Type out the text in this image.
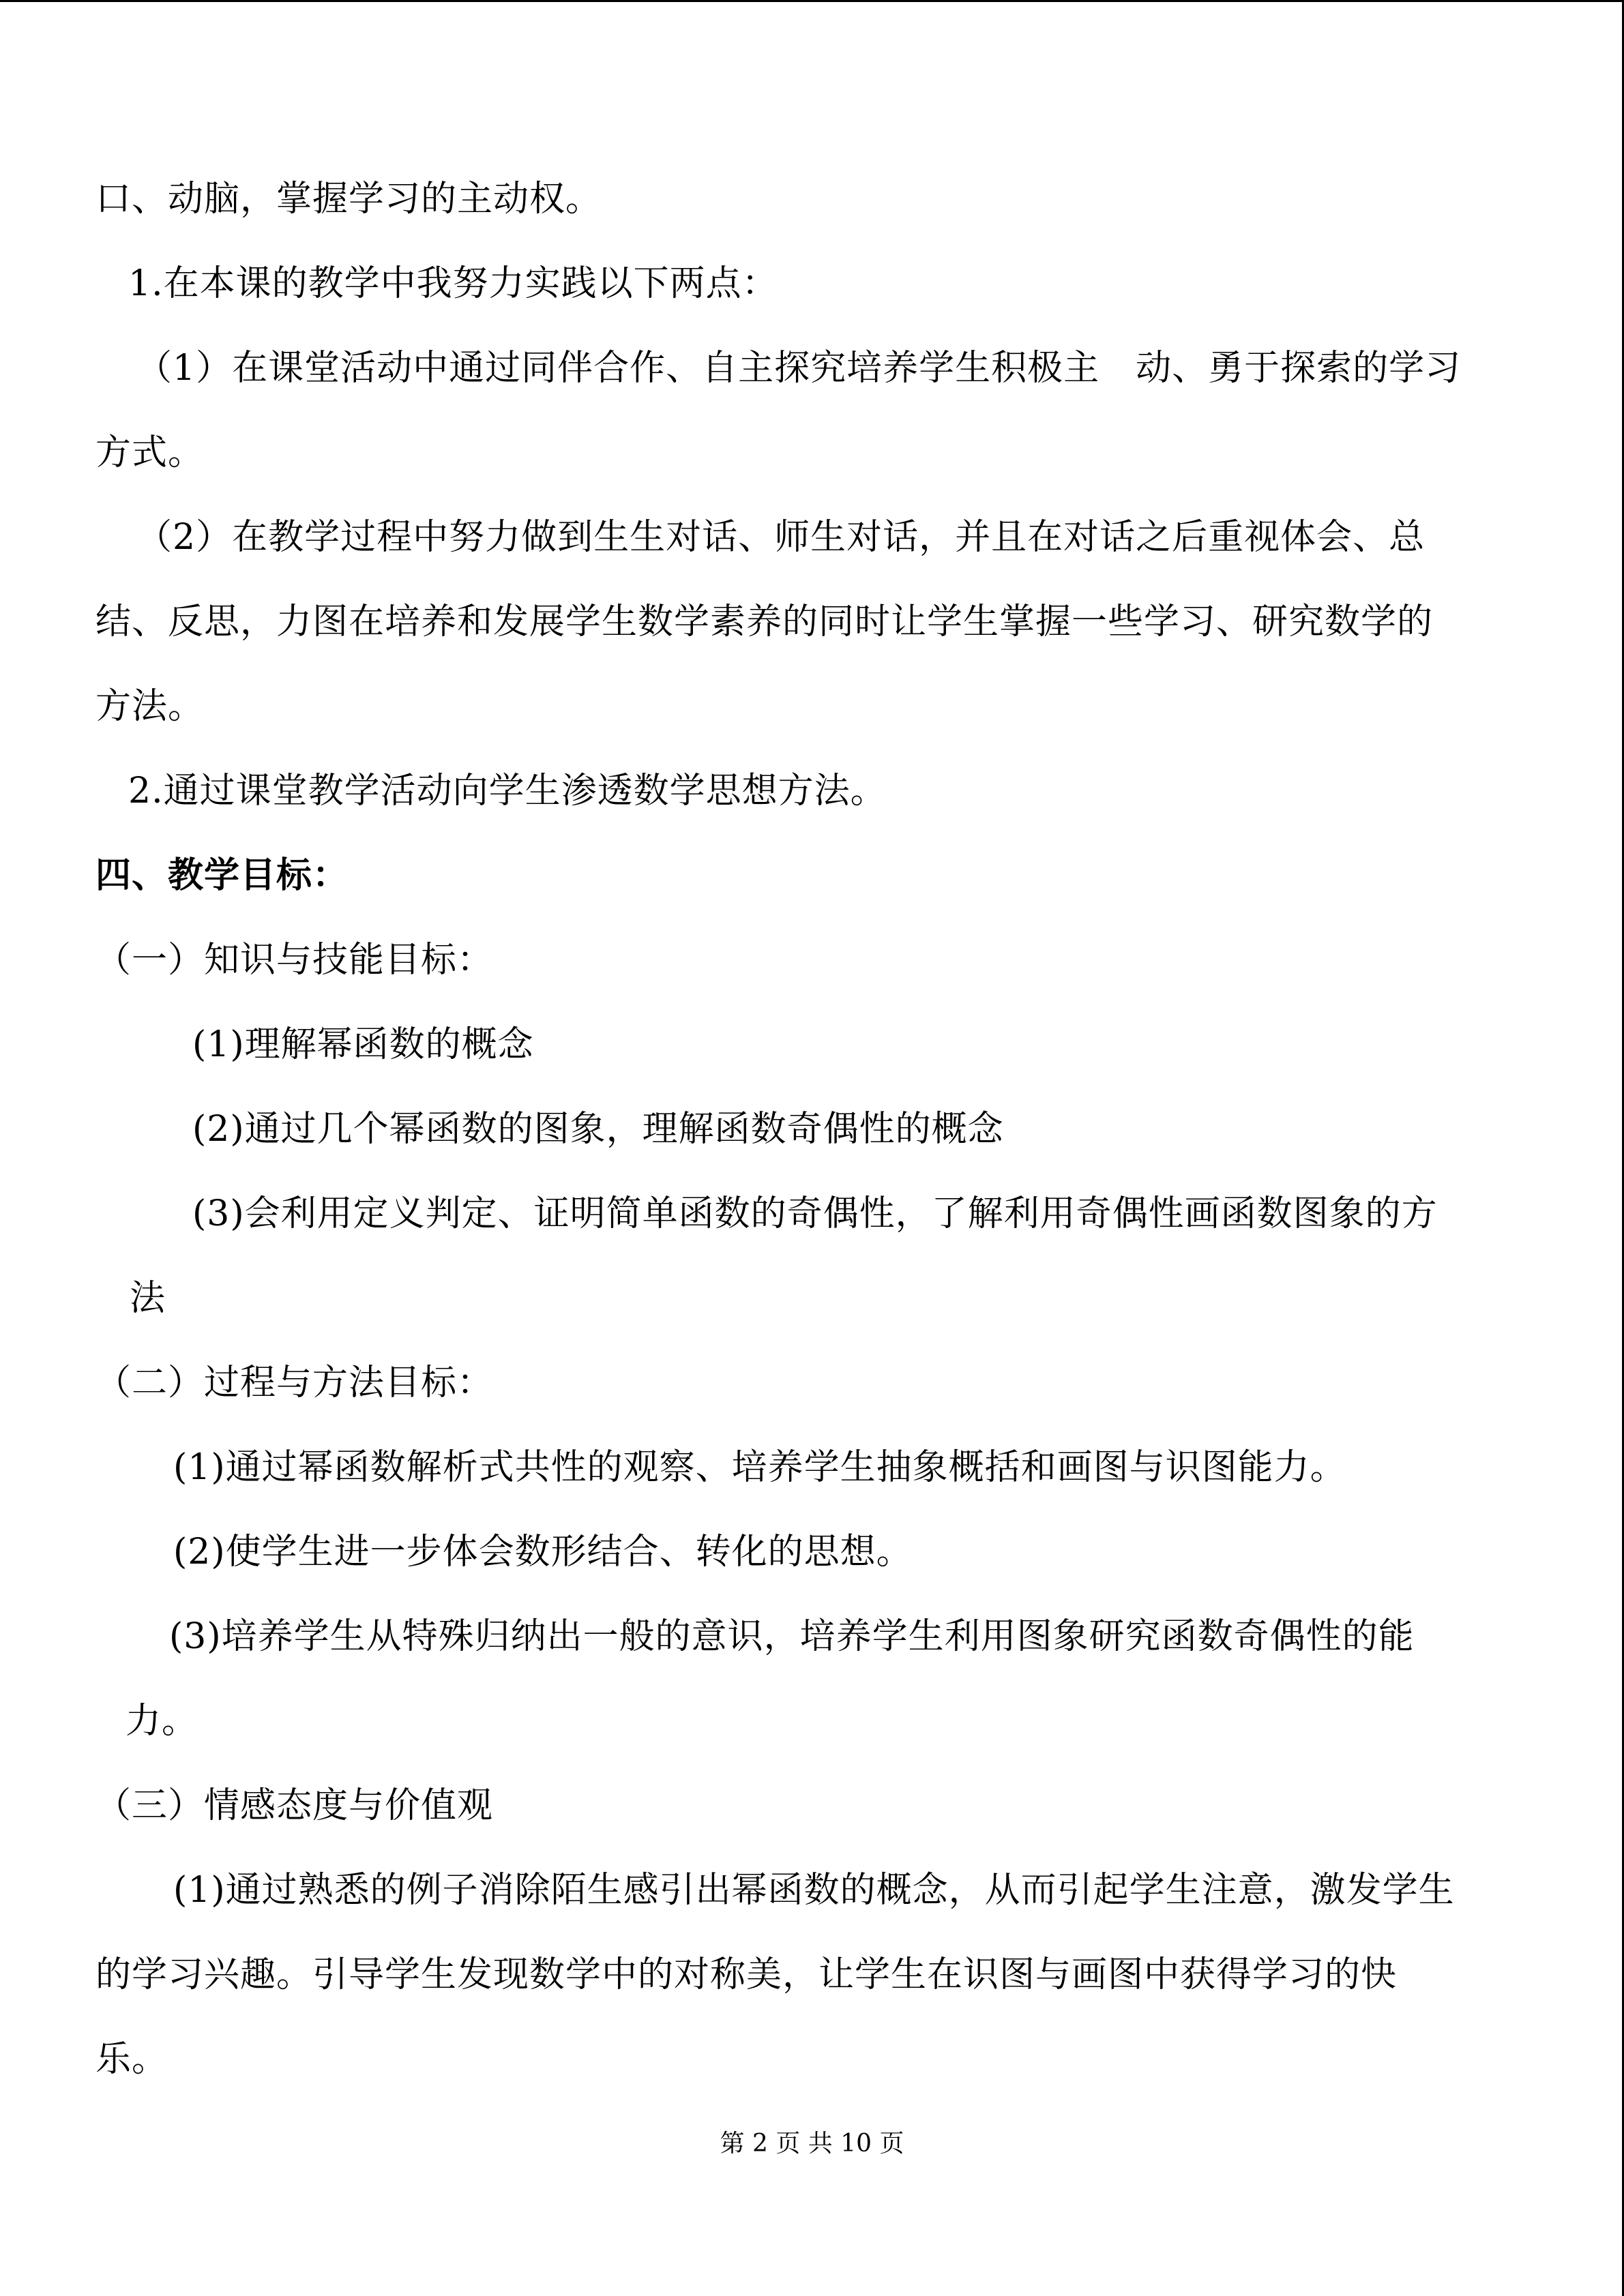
口、动脑，掌握学习的主动权。
1.在本课的教学中我努力实践以下两点：
（1）在课堂活动中通过同伴合作、自主探究培养学生积极主　动、勇于探索的学习
方式。
（2）在教学过程中努力做到生生对话、师生对话，并且在对话之后重视体会、总
结、反思，力图在培养和发展学生数学素养的同时让学生掌握一些学习、研究数学的
方法。
2.通过课堂教学活动向学生渗透数学思想方法。
四、教学目标：
（一）知识与技能目标：
(1)理解幂函数的概念
(2)通过几个幂函数的图象，理解函数奇偶性的概念
(3)会利用定义判定、证明简单函数的奇偶性，了解利用奇偶性画函数图象的方
法
（二）过程与方法目标：
(1)通过幂函数解析式共性的观察、培养学生抽象概括和画图与识图能力。
(2)使学生进一步体会数形结合、转化的思想。
(3)培养学生从特殊归纳出一般的意识，培养学生利用图象研究函数奇偶性的能
力。
（三）情感态度与价值观
(1)通过熟悉的例子消除陌生感引出幂函数的概念，从而引起学生注意，激发学生
的学习兴趣。引导学生发现数学中的对称美，让学生在识图与画图中获得学习的快
乐。
第 2 页 共 10 页
